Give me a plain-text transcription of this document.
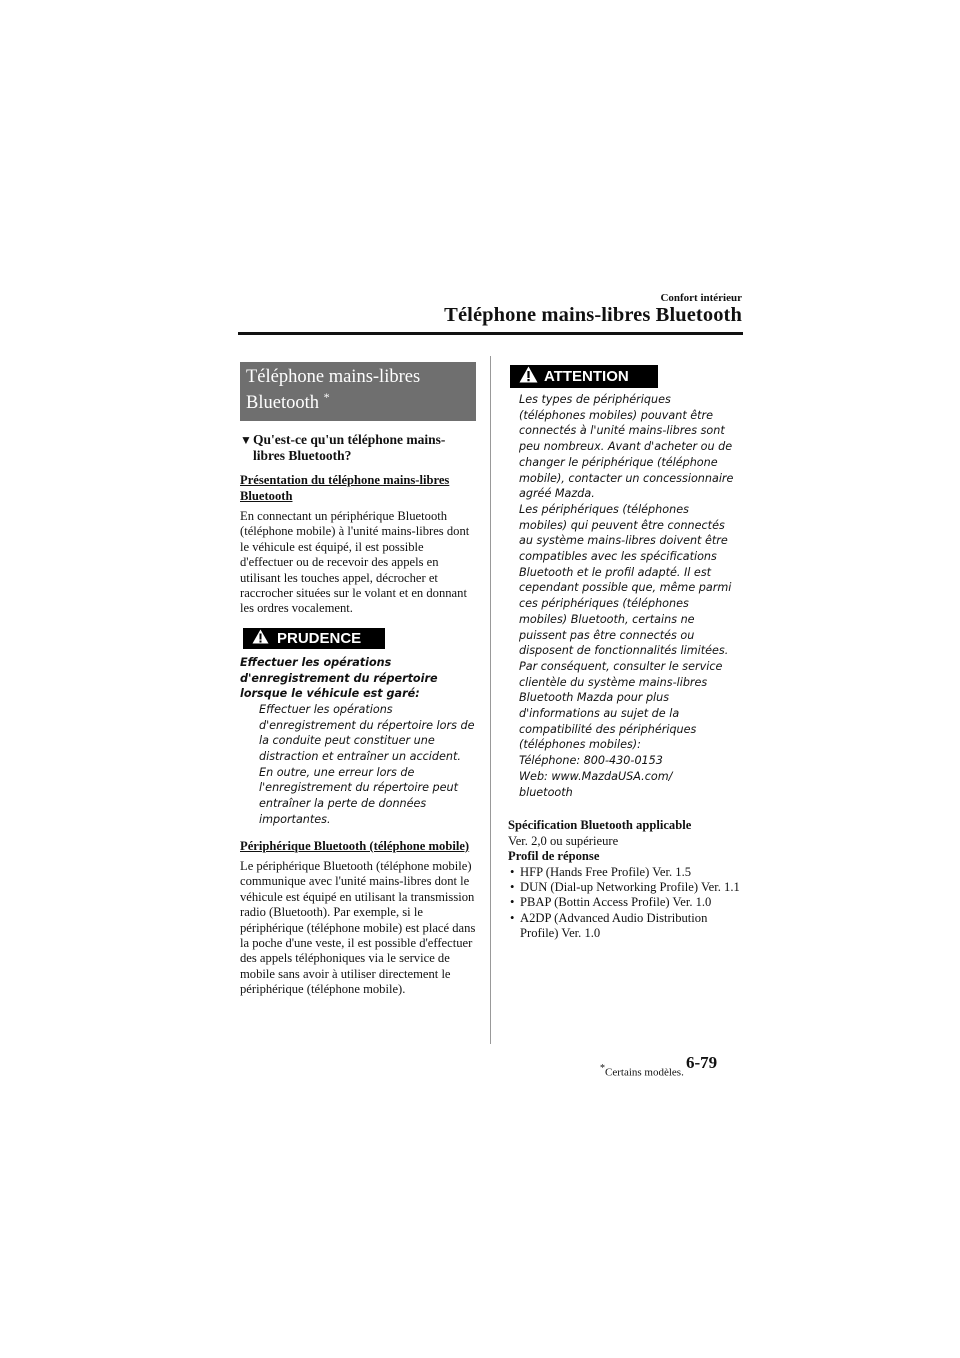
Confort intérieur
Téléphone mains-libres Bluetooth
Téléphone mains-libres
Bluetooth *
▼Qu'est-ce qu'un téléphone mains-libres Bluetooth?
Présentation du téléphone mains-libres Bluetooth
En connectant un périphérique Bluetooth (téléphone mobile) à l'unité mains-libres dont le véhicule est équipé, il est possible d'effectuer ou de recevoir des appels en utilisant les touches appel, décrocher et raccrocher situées sur le volant et en donnant les ordres vocalement.
PRUDENCE
Effectuer les opérations d'enregistrement du répertoire lorsque le véhicule est garé:
Effectuer les opérations d'enregistrement du répertoire lors de la conduite peut constituer une distraction et entraîner un accident. En outre, une erreur lors de l'enregistrement du répertoire peut entraîner la perte de données importantes.
Périphérique Bluetooth (téléphone mobile)
Le périphérique Bluetooth (téléphone mobile) communique avec l'unité mains-libres dont le véhicule est équipé en utilisant la transmission radio (Bluetooth). Par exemple, si le périphérique (téléphone mobile) est placé dans la poche d'une veste, il est possible d'effectuer des appels téléphoniques via le service de mobile sans avoir à utiliser directement le périphérique (téléphone mobile).
ATTENTION
Les types de périphériques
(téléphones mobiles) pouvant être
connectés à l'unité mains-libres sont
peu nombreux. Avant d'acheter ou de
changer le périphérique (téléphone
mobile), contacter un concessionnaire
agréé Mazda.
Les périphériques (téléphones
mobiles) qui peuvent être connectés
au système mains-libres doivent être
compatibles avec les spécifications
Bluetooth et le profil adapté. Il est
cependant possible que, même parmi
ces périphériques (téléphones
mobiles) Bluetooth, certains ne
puissent pas être connectés ou
disposent de fonctionnalités limitées.
Par conséquent, consulter le service
clientèle du système mains-libres
Bluetooth Mazda pour plus
d'informations au sujet de la
compatibilité des périphériques
(téléphones mobiles):
Téléphone: 800-430-0153
Web: www.MazdaUSA.com/
bluetooth
Spécification Bluetooth applicable
Ver. 2,0 ou supérieure
Profil de réponse
• HFP (Hands Free Profile) Ver. 1.5
• DUN (Dial-up Networking Profile) Ver. 1.1
• PBAP (Bottin Access Profile) Ver. 1.0
• A2DP (Advanced Audio Distribution Profile) Ver. 1.0
*Certains modèles.
6-79
